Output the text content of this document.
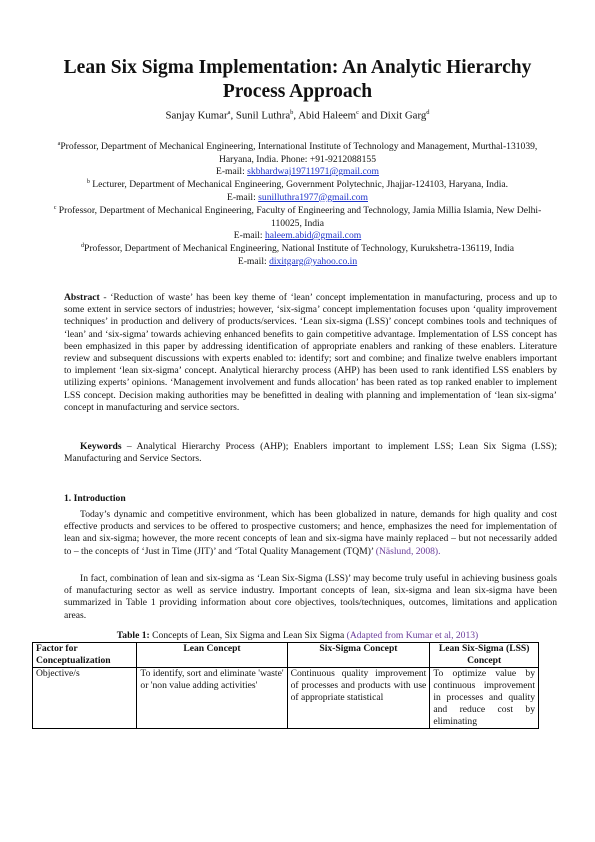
Lean Six Sigma Implementation: An Analytic Hierarchy Process Approach
Sanjay Kumar$^a$, Sunil Luthra$^b$, Abid Haleem$^c$ and Dixit Garg$^d$
$^a$Professor, Department of Mechanical Engineering, International Institute of Technology and Management, Murthal-131039, Haryana, India. Phone: +91-9212088155
E-mail: skbhardwaj19711971@gmail.com
$^b$ Lecturer, Department of Mechanical Engineering, Government Polytechnic, Jhajjar-124103, Haryana, India.
E-mail: sunilluthra1977@gmail.com
$^c$ Professor, Department of Mechanical Engineering, Faculty of Engineering and Technology, Jamia Millia Islamia, New Delhi-110025, India
E-mail: haleem.abid@gmail.com
$^d$Professor, Department of Mechanical Engineering, National Institute of Technology, Kurukshetra-136119, India
E-mail: dixitgarg@yahoo.co.in
Abstract - ‘Reduction of waste’ has been key theme of ‘lean’ concept implementation in manufacturing, process and up to some extent in service sectors of industries; however, ‘six-sigma’ concept implementation focuses upon ‘quality improvement techniques’ in production and delivery of products/services. ‘Lean six-sigma (LSS)’ concept combines tools and techniques of ‘lean’ and ‘six-sigma’ towards achieving enhanced benefits to gain competitive advantage. Implementation of LSS concept has been emphasized in this paper by addressing identification of appropriate enablers and ranking of these enablers. Literature review and subsequent discussions with experts enabled to: identify; sort and combine; and finalize twelve enablers important to implement ‘lean six-sigma’ concept. Analytical hierarchy process (AHP) has been used to rank identified LSS enablers by utilizing experts’ opinions. ‘Management involvement and funds allocation’ has been rated as top ranked enabler to implement LSS concept. Decision making authorities may be benefitted in dealing with planning and implementation of ‘lean six-sigma’ concept in manufacturing and service sectors.
Keywords – Analytical Hierarchy Process (AHP); Enablers important to implement LSS; Lean Six Sigma (LSS); Manufacturing and Service Sectors.
1. Introduction
Today’s dynamic and competitive environment, which has been globalized in nature, demands for high quality and cost effective products and services to be offered to prospective customers; and hence, emphasizes the need for implementation of lean and six-sigma; however, the more recent concepts of lean and six-sigma have mainly replaced – but not necessarily added to – the concepts of ‘Just in Time (JIT)’ and ‘Total Quality Management (TQM)’ (Näslund, 2008).
In fact, combination of lean and six-sigma as ‘Lean Six-Sigma (LSS)’ may become truly useful in achieving business goals of manufacturing sector as well as service industry. Important concepts of lean, six-sigma and lean six-sigma have been summarized in Table 1 providing information about core objectives, tools/techniques, outcomes, limitations and application areas.
Table 1: Concepts of Lean, Six Sigma and Lean Six Sigma (Adapted from Kumar et al, 2013)
Factor for Conceptualization	Lean Concept	Six-Sigma Concept	Lean Six-Sigma (LSS) Concept
Objective/s	To identify, sort and eliminate 'waste' or 'non value adding activities'	Continuous quality improvement of processes and products with use of appropriate statistical	To optimize value by continuous improvement in processes and quality and reduce cost by eliminating
